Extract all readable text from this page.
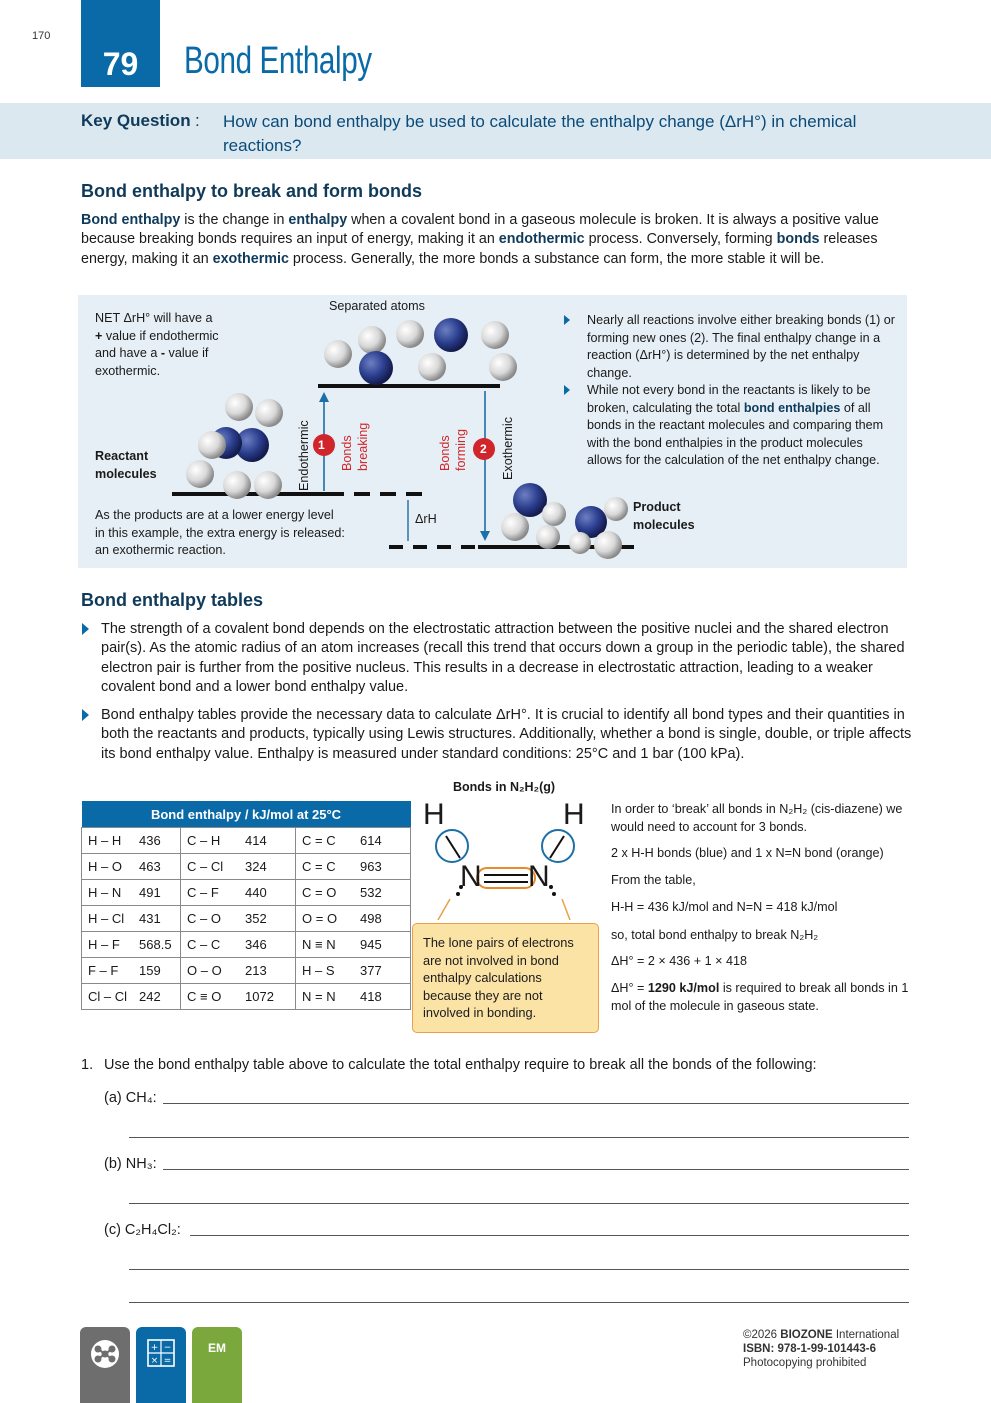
170
79 Bond Enthalpy
Key Question : How can bond enthalpy be used to calculate the enthalpy change (ΔrH°) in chemical reactions?
Bond enthalpy to break and form bonds
Bond enthalpy is the change in enthalpy when a covalent bond in a gaseous molecule is broken. It is always a positive value because breaking bonds requires an input of energy, making it an endothermic process. Conversely, forming bonds releases energy, making it an exothermic process. Generally, the more bonds a substance can form, the more stable it will be.
NET ΔrH° will have a + value if endothermic and have a - value if exothermic.
Separated atoms
Reactant molecules
Product molecules
As the products are at a lower energy level in this example, the extra energy is released: an exothermic reaction.
1	2
Endothermic Bonds breaking	Bonds forming	Exothermic
ΔrH
Nearly all reactions involve either breaking bonds (1) or forming new ones (2). The final enthalpy change in a reaction (ΔrH°) is determined by the net enthalpy change.
While not every bond in the reactants is likely to be broken, calculating the total bond enthalpies of all bonds in the reactant molecules and comparing them with the bond enthalpies in the product molecules allows for the calculation of the net enthalpy change.
Bond enthalpy tables
The strength of a covalent bond depends on the electrostatic attraction between the positive nuclei and the shared electron pair(s). As the atomic radius of an atom increases (recall this trend that occurs down a group in the periodic table), the shared electron pair is further from the positive nucleus. This results in a decrease in electrostatic attraction, leading to a weaker covalent bond and a lower bond enthalpy value.
Bond enthalpy tables provide the necessary data to calculate ΔrH°. It is crucial to identify all bond types and their quantities in both the reactants and products, typically using Lewis structures. Additionally, whether a bond is single, double, or triple affects its bond enthalpy value. Enthalpy is measured under standard conditions: 25°C and 1 bar (100 kPa).
Bond enthalpy / kJ/mol at 25°C					
H – H	436	C – H	414	C = C	614
H – O	463	C – Cl	324	C = C	963
H – N	491	C – F	440	C = O	532
H – Cl	431	C – O	352	O = O	498
H – F	568.5	C – C	346	N ≡ N	945
F – F	159	O – O	213	H – S	377
Cl – Cl	242	C ≡ O	1072	N = N	418
Bonds in N₂H₂(g)
H	H
N N
The lone pairs of electrons are not involved in bond enthalpy calculations because they are not involved in bonding.
In order to ‘break’ all bonds in N₂H₂ (cis-diazene) we would need to account for 3 bonds.
2 x H-H bonds (blue) and 1 x N=N bond (orange)
From the table,
H-H = 436 kJ/mol and N=N = 418 kJ/mol
so, total bond enthalpy to break N₂H₂
ΔH° = 2 × 436 + 1 × 418
ΔH° = 1290 kJ/mol is required to break all bonds in 1 mol of the molecule in gaseous state.
1. Use the bond enthalpy table above to calculate the total enthalpy require to break all the bonds of the following:
(a) CH₄:
(b) NH₃:
(c) C₂H₄Cl₂:
+ −
× =
EM
©2026 BIOZONE International
ISBN: 978-1-99-101443-6
Photocopying prohibited
